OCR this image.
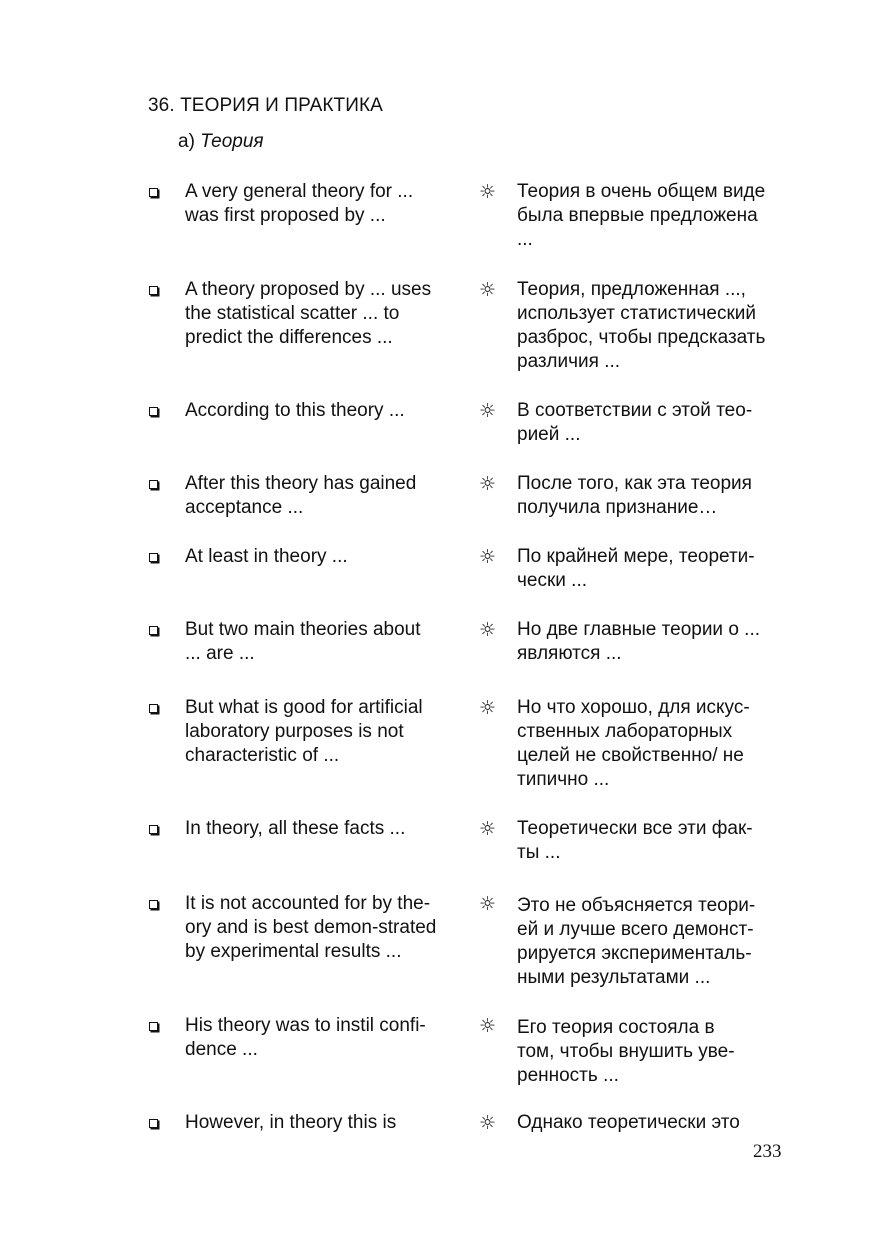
36. ТЕОРИЯ И ПРАКТИКА
а) Теория
A very general theory for ...
was first proposed by ...
☼ Теория в очень общем виде
была впервые предложена
...
A theory proposed by ... uses
the statistical scatter ... to
predict the differences ...
☼ Теория, предложенная ...,
использует статистический
разброс, чтобы предсказать
различия ...
According to this theory ...	☼ В соответствии с этой тео-
рией ...
After this theory has gained
acceptance ...
☼ После того, как эта теория
получила признание…
At least in theory ...	☼ По крайней мере, теорети-
чески ...
But two main theories about
... are ...
☼ Но две главные теории о ...
являются ...
But what is good for artificial
laboratory purposes is not
characteristic of ...
☼ Но что хорошо, для искус-
ственных лабораторных
целей не свойственно/ не
типично ...
In theory, all these facts ...	☼ Теоретически все эти фак-
ты ...
It is not accounted for by the-
ory and is best demon-strated
by experimental results ...
☼ Это не объясняется теори-
ей и лучше всего демонст-
рируется эксперименталь-
ными результатами ...
His theory was to instil confi-
dence ...
☼ Его теория состояла в
том, чтобы внушить уве-
ренность ...
However, in theory this is	☼ Однако теоретически это
233
